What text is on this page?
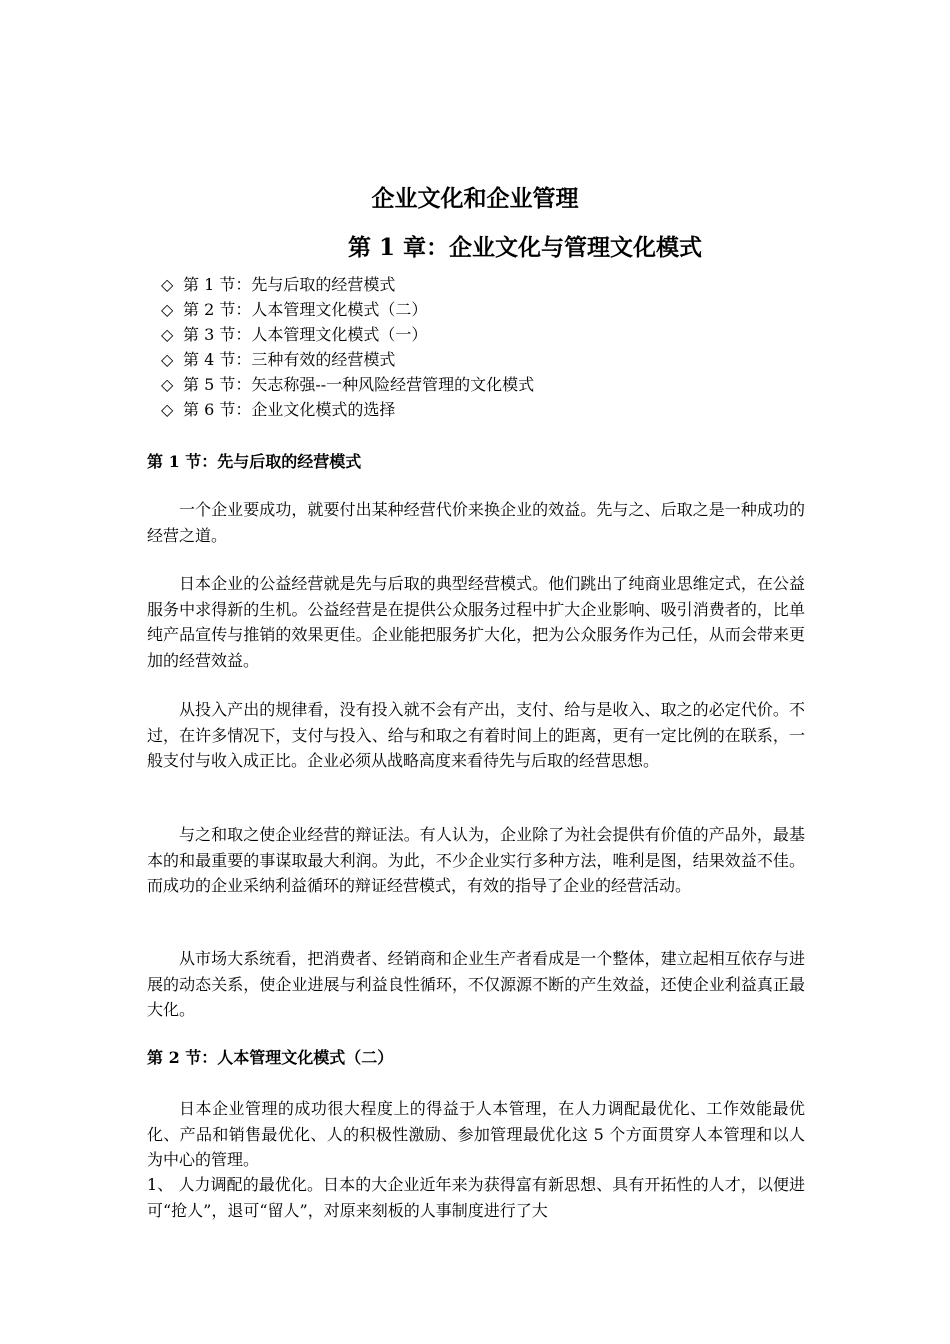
企业文化和企业管理
第 1 章：企业文化与管理文化模式
◇ 第 1 节：先与后取的经营模式
◇ 第 2 节：人本管理文化模式（二）
◇ 第 3 节：人本管理文化模式（一）
◇ 第 4 节：三种有效的经营模式
◇ 第 5 节：矢志称强--一种风险经营管理的文化模式
◇ 第 6 节：企业文化模式的选择
第 1 节：先与后取的经营模式

一个企业要成功，就要付出某种经营代价来换企业的效益。先与之、后取之是一种成功的经营之道。

日本企业的公益经营就是先与后取的典型经营模式。他们跳出了纯商业思维定式，在公益服务中求得新的生机。公益经营是在提供公众服务过程中扩大企业影响、吸引消费者的，比单纯产品宣传与推销的效果更佳。企业能把服务扩大化，把为公众服务作为己任，从而会带来更加的经营效益。

从投入产出的规律看，没有投入就不会有产出，支付、给与是收入、取之的必定代价。不过，在许多情况下，支付与投入、给与和取之有着时间上的距离，更有一定比例的在联系，一般支付与收入成正比。企业必须从战略高度来看待先与后取的经营思想。

与之和取之使企业经营的辩证法。有人认为，企业除了为社会提供有价值的产品外，最基本的和最重要的事谋取最大利润。为此，不少企业实行多种方法，唯利是图，结果效益不佳。而成功的企业采纳利益循环的辩证经营模式，有效的指导了企业的经营活动。

从市场大系统看，把消费者、经销商和企业生产者看成是一个整体，建立起相互依存与进展的动态关系，使企业进展与利益良性循环，不仅源源不断的产生效益，还使企业利益真正最大化。

第 2 节：人本管理文化模式（二）

日本企业管理的成功很大程度上的得益于人本管理，在人力调配最优化、工作效能最优化、产品和销售最优化、人的积极性激励、参加管理最优化这 5 个方面贯穿人本管理和以人为中心的管理。

1、 人力调配的最优化。日本的大企业近年来为获得富有新思想、具有开拓性的人才，以便进可“抢人”，退可“留人”，对原来刻板的人事制度进行了大
